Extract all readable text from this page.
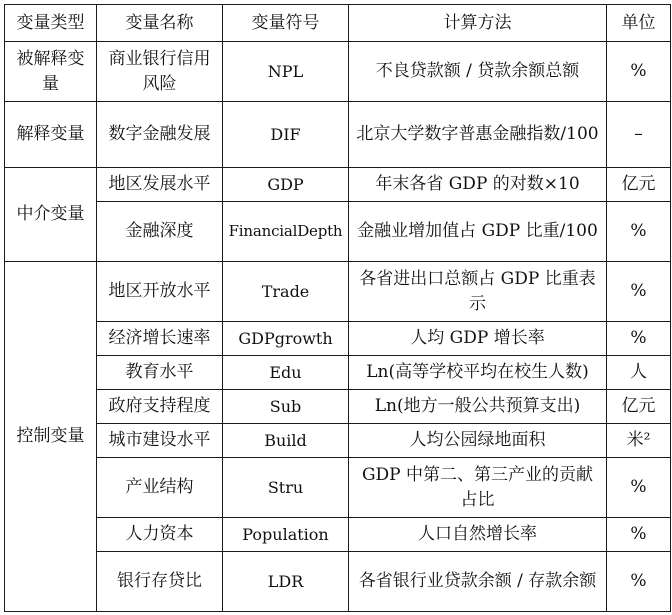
变量类型	变量名称	变量符号	计算方法	单位
被解释变量	商业银行信用风险	NPL	不良贷款额 / 贷款余额总额	%
解释变量	数字金融发展	DIF	北京大学数字普惠金融指数/100	–
中介变量	地区发展水平	GDP	年末各省 GDP 的对数×10	亿元
	金融深度	FinancialDepth	金融业增加值占 GDP 比重/100	%
控制变量	地区开放水平	Trade	各省进出口总额占 GDP 比重表示	%
	经济增长速率	GDPgrowth	人均 GDP 增长率	%
	教育水平	Edu	Ln(高等学校平均在校生人数)	人
	政府支持程度	Sub	Ln(地方一般公共预算支出)	亿元
	城市建设水平	Build	人均公园绿地面积	米²
	产业结构	Stru	GDP 中第二、第三产业的贡献占比	%
	人力资本	Population	人口自然增长率	%
	银行存贷比	LDR	各省银行业贷款余额 / 存款余额	%
